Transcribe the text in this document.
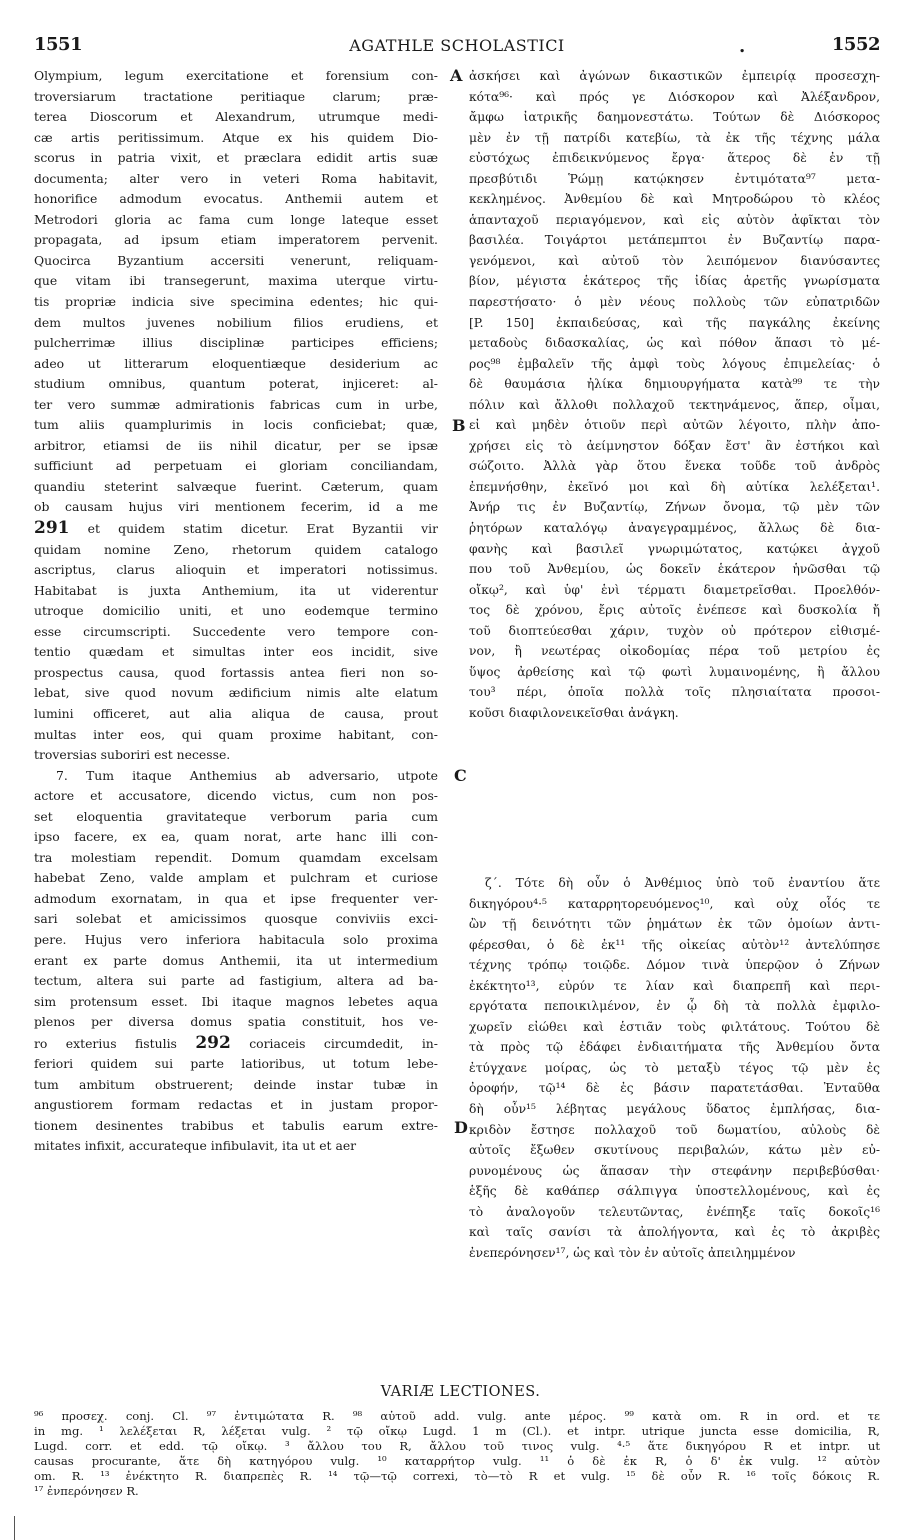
1551	AGATHLE SCHOLASTICI	.	1552
Olympium, legum exercitatione et forensium con-
troversiarum tractatione peritiaque clarum; præ-
terea Dioscorum et Alexandrum, utrumque medi-
cæ artis peritissimum. Atque ex his quidem Dio-
scorus in patria vixit, et præclara edidit artis suæ
documenta; alter vero in veteri Roma habitavit,
honorifice admodum evocatus. Anthemii autem et
Metrodori gloria ac fama cum longe lateque esset
propagata, ad ipsum etiam imperatorem pervenit.
Quocirca Byzantium accersiti venerunt, reliquam-
que vitam ibi transegerunt, maxima uterque virtu-
tis propriæ indicia sive specimina edentes; hic qui-
dem multos juvenes nobilium filios erudiens, et
pulcherrimæ illius disciplinæ participes efficiens;
adeo ut litterarum eloquentiæque desiderium ac
studium omnibus, quantum poterat, injiceret: al-
ter vero summæ admirationis fabricas cum in urbe,
tum aliis quamplurimis in locis conficiebat; quæ,
arbitror, etiamsi de iis nihil dicatur, per se ipsæ
sufficiunt ad perpetuam ei gloriam conciliandam,
quandiu steterint salvæque fuerint. Cæterum, quam
ob causam hujus viri mentionem fecerim, id a me
291 et quidem statim dicetur. Erat Byzantii vir
quidam nomine Zeno, rhetorum quidem catalogo
ascriptus, clarus alioquin et imperatori notissimus.
Habitabat is juxta Anthemium, ita ut viderentur
utroque domicilio uniti, et uno eodemque termino
esse circumscripti. Succedente vero tempore con-
tentio quædam et simultas inter eos incidit, sive
prospectus causa, quod fortassis antea fieri non so-
lebat, sive quod novum ædificium nimis alte elatum
lumini officeret, aut alia aliqua de causa, prout
multas inter eos, qui quam proxime habitant, con-
troversias suboriri est necesse.
7. Tum itaque Anthemius ab adversario, utpote
actore et accusatore, dicendo victus, cum non pos-
set eloquentia gravitateque verborum paria cum
ipso facere, ex ea, quam norat, arte hanc illi con-
tra molestiam rependit. Domum quamdam excelsam
habebat Zeno, valde amplam et pulchram et curiose
admodum exornatam, in qua et ipse frequenter ver-
sari solebat et amicissimos quosque conviviis exci-
pere. Hujus vero inferiora habitacula solo proxima
erant ex parte domus Anthemii, ita ut intermedium
tectum, altera sui parte ad fastigium, altera ad ba-
sim protensum esset. Ibi itaque magnos lebetes aqua
plenos per diversa domus spatia constituit, hos ve-
ro exterius fistulis 292 coriaceis circumdedit, in-
feriori quidem sui parte latioribus, ut totum lebe-
tum ambitum obstruerent; deinde instar tubæ in
angustiorem formam redactas et in justam propor-
tionem desinentes trabibus et tabulis earum extre-
mitates infixit, accurateque infibulavit, ita ut et aer
ἀσκήσει καὶ ἀγώνων δικαστικῶν ἐμπειρίᾳ προσεσχη-
κότα⁹⁶· καὶ πρός γε Διόσκορον καὶ Ἀλέξανδρον,
ἄμφω ἰατρικῆς δαημονεστάτω. Τούτων δὲ Διόσκορος
μὲν ἐν τῇ πατρίδι κατεβίω, τὰ ἐκ τῆς τέχνης μάλα
εὐστόχως ἐπιδεικνύμενος ἔργα· ἅτερος δὲ ἐν τῇ
πρεσβύτιδι Ῥώμῃ κατῴκησεν ἐντιμότατα⁹⁷ μετα-
κεκλημένος. Ἀνθεμίου δὲ καὶ Μητροδώρου τὸ κλέος
ἁπανταχοῦ περιαγόμενον, καὶ εἰς αὐτὸν ἀφῖκται τὸν
βασιλέα. Τοιγάρτοι μετάπεμπτοι ἐν Βυζαντίῳ παρα-
γενόμενοι, καὶ αὐτοῦ τὸν λειπόμενον διανύσαντες
βίον, μέγιστα ἑκάτερος τῆς ἰδίας ἀρετῆς γνωρίσματα
παρεστήσατο· ὁ μὲν νέους πολλοὺς τῶν εὐπατριδῶν
[P. 150] ἐκπαιδεύσας, καὶ τῆς παγκάλης ἐκείνης
μεταδοὺς διδασκαλίας, ὡς καὶ πόθον ἅπασι τὸ μέ-
ρος⁹⁸ ἐμβαλεῖν τῆς ἀμφὶ τοὺς λόγους ἐπιμελείας· ὁ
δὲ θαυμάσια ἠλίκα δημιουργήματα κατὰ⁹⁹ τε τὴν
πόλιν καὶ ἄλλοθι πολλαχοῦ τεκτηνάμενος, ἅπερ, οἶμαι,
εἰ καὶ μηδὲν ὁτιοῦν περὶ αὐτῶν λέγοιτο, πλὴν ἀπο-
χρήσει εἰς τὸ ἀείμνηστον δόξαν ἔστ' ἂν ἐστήκοι καὶ
σώζοιτο. Ἀλλὰ γὰρ ὅτου ἕνεκα τοῦδε τοῦ ἀνδρὸς
ἐπεμνήσθην, ἐκεῖνό μοι καὶ δὴ αὐτίκα λελέξεται¹.
Ἀνήρ τις ἐν Βυζαντίῳ, Ζήνων ὄνομα, τῷ μὲν τῶν
ῥητόρων καταλόγῳ ἀναγεγραμμένος, ἄλλως δὲ δια-
φανὴς καὶ βασιλεῖ γνωριμώτατος, κατῴκει ἀγχοῦ
που τοῦ Ἀνθεμίου, ὡς δοκεῖν ἑκάτερον ἡνῶσθαι τῷ
οἴκῳ², καὶ ὑφ' ἑνὶ τέρματι διαμετρεῖσθαι. Προελθόν-
τος δὲ χρόνου, ἔρις αὐτοῖς ἐνέπεσε καὶ δυσκολία ἤ
τοῦ διοπτεύεσθαι χάριν, τυχὸν οὐ πρότερον εἰθισμέ-
νον, ἢ νεωτέρας οἰκοδομίας πέρα τοῦ μετρίου ἐς
ὕψος ἀρθείσης καὶ τῷ φωτὶ λυμαινομένης, ἢ ἄλλου
του³ πέρι, ὁποῖα πολλὰ τοῖς πλησιαίτατα προσοι-
κοῦσι διαφιλονεικεῖσθαι ἀνάγκη.
ζ΄. Τότε δὴ οὖν ὁ Ἀνθέμιος ὑπὸ τοῦ ἐναντίου ἅτε
δικηγόρου⁴·⁵ καταρρητορευόμενος¹⁰, καὶ οὐχ οἷός τε
ὢν τῇ δεινότητι τῶν ῥημάτων ἐκ τῶν ὁμοίων ἀντι-
φέρεσθαι, ὁ δὲ ἐκ¹¹ τῆς οἰκείας αὐτὸν¹² ἀντελύπησε
τέχνης τρόπῳ τοιῷδε. Δόμον τινὰ ὑπερῷον ὁ Ζήνων
ἐκέκτητο¹³, εὐρύν τε λίαν καὶ διαπρεπῆ καὶ περι-
εργότατα πεποικιλμένον, ἐν ᾧ δὴ τὰ πολλὰ ἐμφιλο-
χωρεῖν εἰώθει καὶ ἑστιᾶν τοὺς φιλτάτους. Τούτου δὲ
τὰ πρὸς τῷ ἐδάφει ἐνδιαιτήματα τῆς Ἀνθεμίου ὄντα
ἐτύγχανε μοίρας, ὡς τὸ μεταξὺ τέγος τῷ μὲν ἐς
ὀροφήν, τῷ¹⁴ δὲ ἐς βάσιν παρατετάσθαι. Ἐνταῦθα
δὴ οὖν¹⁵ λέβητας μεγάλους ὕδατος ἐμπλήσας, δια-
κριδὸν ἔστησε πολλαχοῦ τοῦ δωματίου, αὐλοὺς δὲ
αὐτοῖς ἔξωθεν σκυτίνους περιβαλών, κάτω μὲν εὐ-
ρυνομένους ὡς ἅπασαν τὴν στεφάνην περιβεβύσθαι·
ἑξῆς δὲ καθάπερ σάλπιγγα ὑποστελλομένους, καὶ ἐς
τὸ ἀναλογοῦν τελευτῶντας, ἐνέπηξε ταῖς δοκοῖς¹⁶
καὶ ταῖς σανίσι τὰ ἀπολήγοντα, καὶ ἐς τὸ ἀκριβὲς
ἐνεπερόνησεν¹⁷, ὡς καὶ τὸν ἐν αὐτοῖς ἀπειλημμένον
A
B
C
D
VARIÆ LECTIONES.
⁹⁶ προσεχ. conj. Cl. ⁹⁷ ἐντιμώτατα R. ⁹⁸ αὐτοῦ add. vulg. ante μέρος. ⁹⁹ κατὰ om. R in ord. et τε
in mg. ¹ λελέξεται R, λέξεται vulg. ² τῷ οἴκῳ Lugd. 1 m (Cl.). et intpr. utrique juncta esse domicilia, R,
Lugd. corr. et edd. τῷ οἴκῳ. ³ ἄλλου του R, ἄλλου τοῦ τινος vulg. ⁴·⁵ ἅτε δικηγόρου R et intpr. ut
causas procurante, ἅτε δὴ κατηγόρου vulg. ¹⁰ καταρρήτορ vulg. ¹¹ ὁ δὲ ἐκ R, ὁ δ' ἐκ vulg. ¹² αὐτὸν
om. R. ¹³ ἐνέκτητο R. διαπρεπὲς R. ¹⁴ τῷ—τῷ correxi, τὸ—τὸ R et vulg. ¹⁵ δὲ οὖν R. ¹⁶ τοῖς δόκοις R.
¹⁷ ἐνπερόνησεν R.
